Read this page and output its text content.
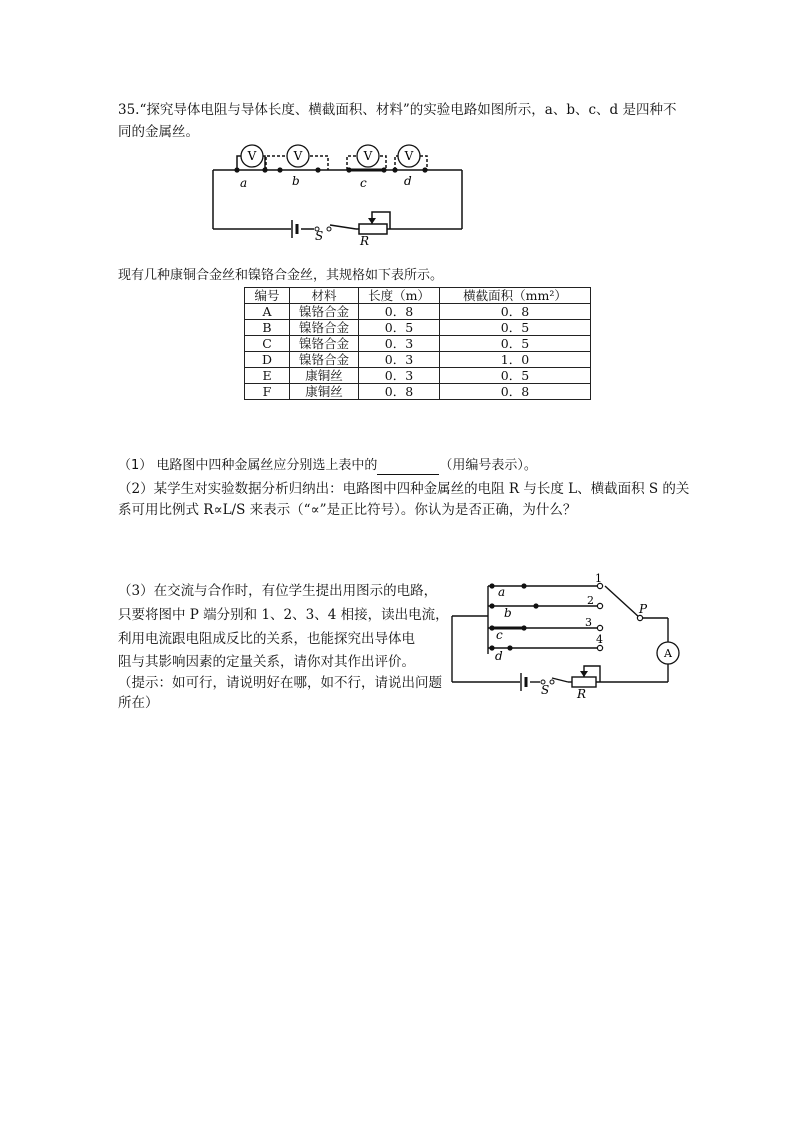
35.“探究导体电阻与导体长度、横截面积、材料”的实验电路如图所示，a、b、c、d 是四种不
同的金属丝。
V	V	V	V
a	b	c	d
S	R
现有几种康铜合金丝和镍铬合金丝，其规格如下表所示。
编号	材料	长度（m）	横截面积（mm²）
A	镍铬合金	0．8	0．8
B	镍铬合金	0．5	0．5
C	镍铬合金	0．3	0．5
D	镍铬合金	0．3	1．0
E	康铜丝	0．3	0．5
F	康铜丝	0．8	0．8
（1） 电路图中四种金属丝应分别选上表中的	（用编号表示）。
（2）某学生对实验数据分析归纳出：电路图中四种金属丝的电阻 R 与长度 L、横截面积 S 的关
系可用比例式 R∝L/S 来表示（“∝”是正比符号）。你认为是否正确，为什么？
（3）在交流与合作时，有位学生提出用图示的电路，
只要将图中 P 端分别和 1、2、3、4 相接，读出电流，
利用电流跟电阻成反比的关系，也能探究出导体电
阻与其影响因素的定量关系，请你对其作出评价。
（提示：如可行，请说明好在哪，如不行，请说出问题
所在）
A
a
b
c
d
P
S R
1
2
3
4
